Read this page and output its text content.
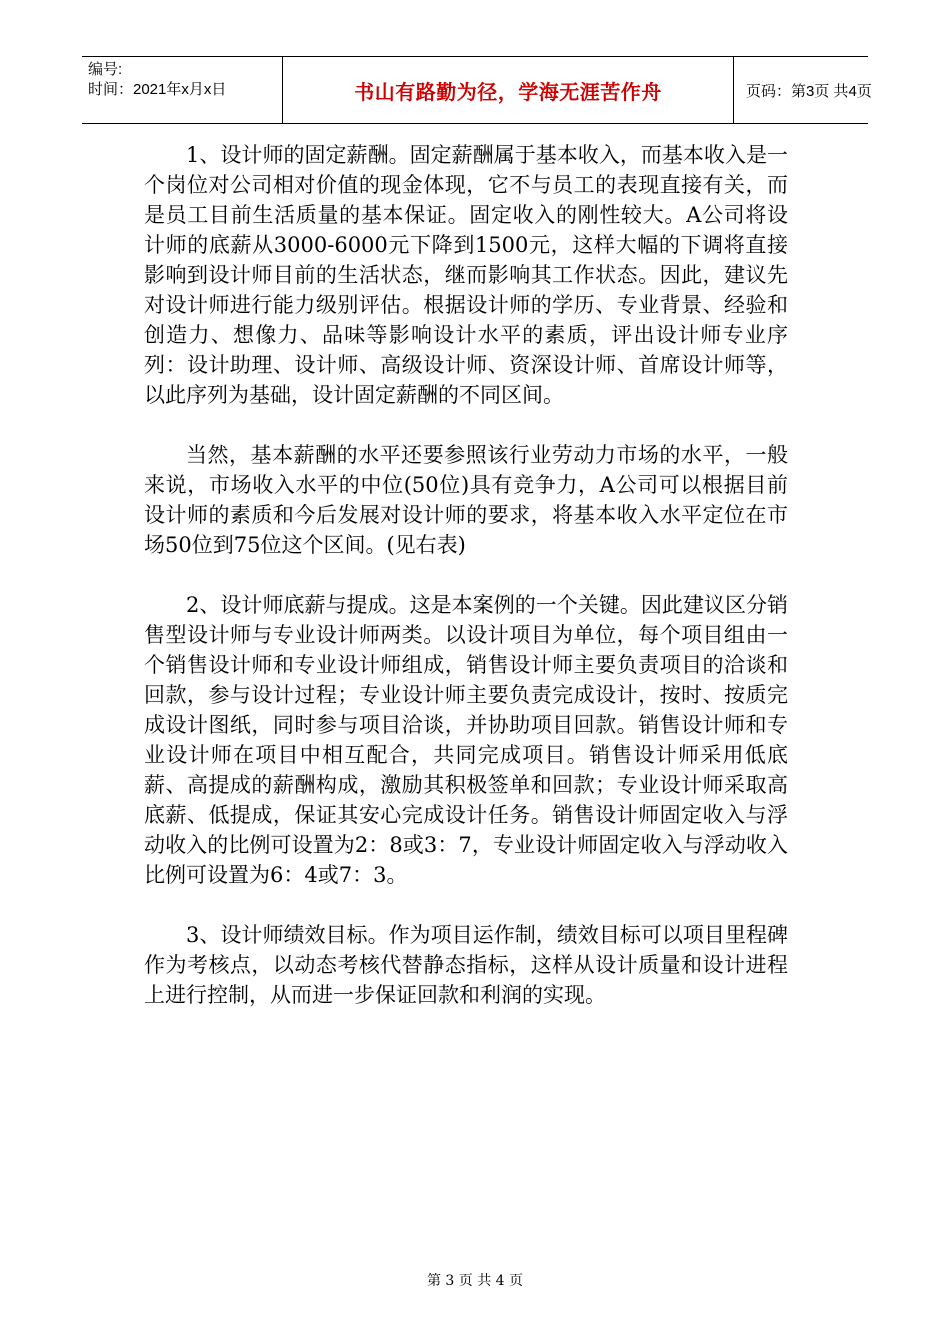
编号:
时间：2021年x月x日	书山有路勤为径，学海无涯苦作舟	页码：第3页 共4页

1、设计师的固定薪酬。固定薪酬属于基本收入，而基本收入是一个岗位对公司相对价值的现金体现，它不与员工的表现直接有关，而是员工目前生活质量的基本保证。固定收入的刚性较大。A公司将设计师的底薪从3000-6000元下降到1500元，这样大幅的下调将直接影响到设计师目前的生活状态，继而影响其工作状态。因此，建议先对设计师进行能力级别评估。根据设计师的学历、专业背景、经验和创造力、想像力、品味等影响设计水平的素质，评出设计师专业序列：设计助理、设计师、高级设计师、资深设计师、首席设计师等，以此序列为基础，设计固定薪酬的不同区间。

当然，基本薪酬的水平还要参照该行业劳动力市场的水平，一般来说，市场收入水平的中位(50位)具有竞争力，A公司可以根据目前设计师的素质和今后发展对设计师的要求，将基本收入水平定位在市场50位到75位这个区间。(见右表)

2、设计师底薪与提成。这是本案例的一个关键。因此建议区分销售型设计师与专业设计师两类。以设计项目为单位，每个项目组由一个销售设计师和专业设计师组成，销售设计师主要负责项目的洽谈和回款，参与设计过程；专业设计师主要负责完成设计，按时、按质完成设计图纸，同时参与项目洽谈，并协助项目回款。销售设计师和专业设计师在项目中相互配合，共同完成项目。销售设计师采用低底薪、高提成的薪酬构成，激励其积极签单和回款；专业设计师采取高底薪、低提成，保证其安心完成设计任务。销售设计师固定收入与浮动收入的比例可设置为2：8或3：7，专业设计师固定收入与浮动收入比例可设置为6：4或7：3。

3、设计师绩效目标。作为项目运作制，绩效目标可以项目里程碑作为考核点，以动态考核代替静态指标，这样从设计质量和设计进程上进行控制，从而进一步保证回款和利润的实现。

第 3 页 共 4 页
